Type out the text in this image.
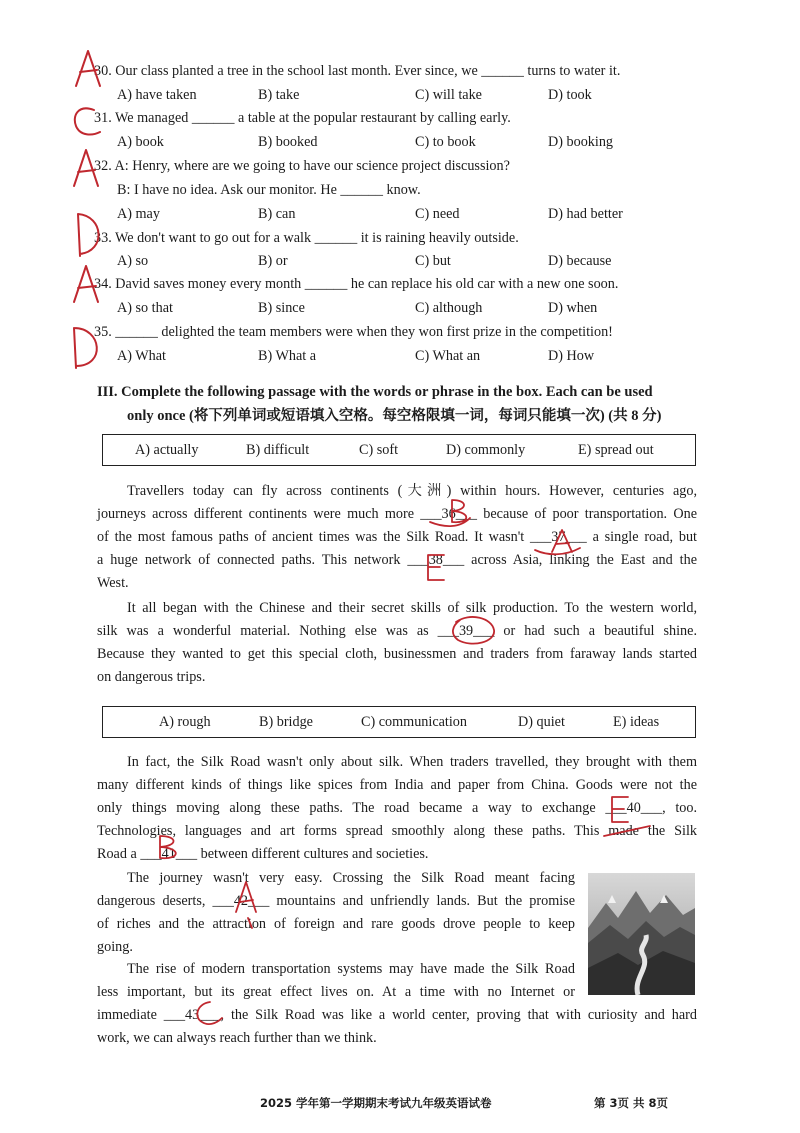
30. Our class planted a tree in the school last month. Ever since, we ______ turns to water it.
A) have taken	B) take	C) will take	D) took
31. We managed ______ a table at the popular restaurant by calling early.
A) book	B) booked	C) to book	D) booking
32. A: Henry, where are we going to have our science project discussion?
B: I have no idea. Ask our monitor. He ______ know.
A) may	B) can	C) need	D) had better
33. We don't want to go out for a walk ______ it is raining heavily outside.
A) so	B) or	C) but	D) because
34. David saves money every month ______ he can replace his old car with a new one soon.
A) so that	B) since	C) although	D) when
35. ______ delighted the team members were when they won first prize in the competition!
A) What	B) What a	C) What an	D) How
III. Complete the following passage with the words or phrase in the box. Each can be used
only once (将下列单词或短语填入空格。每空格限填一词，每词只能填一次) (共 8 分)
A) actually	B) difficult	C) soft	D) commonly	E) spread out
Travellers today can fly across continents (大洲) within hours. However, centuries ago,
journeys across different continents were much more ___36___ because of poor transportation. One
of the most famous paths of ancient times was the Silk Road. It wasn't ___37___ a single road, but
a huge network of connected paths. This network ___38___ across Asia, linking the East and the
West.
It all began with the Chinese and their secret skills of silk production. To the western world,
silk was a wonderful material. Nothing else was as ___39___ or had such a beautiful shine.
Because they wanted to get this special cloth, businessmen and traders from faraway lands started
on dangerous trips.
A) rough	B) bridge	C) communication	D) quiet	E) ideas
In fact, the Silk Road wasn't only about silk. When traders travelled, they brought with them
many different kinds of things like spices from India and paper from China. Goods were not the
only things moving along these paths. The road became a way to exchange ___40___, too.
Technologies, languages and art forms spread smoothly along these paths. This made the Silk
Road a ___41___ between different cultures and societies.
The journey wasn't very easy. Crossing the Silk Road meant facing
dangerous deserts, ___42___ mountains and unfriendly lands. But the promise
of riches and the attraction of foreign and rare goods drove people to keep
going.
The rise of modern transportation systems may have made the Silk Road
less important, but its great effect lives on. At a time with no Internet or
immediate ___43___, the Silk Road was like a world center, proving that with curiosity and hard
work, we can always reach further than we think.
2025 学年第一学期期末考试九年级英语试卷	第 3页 共 8页
